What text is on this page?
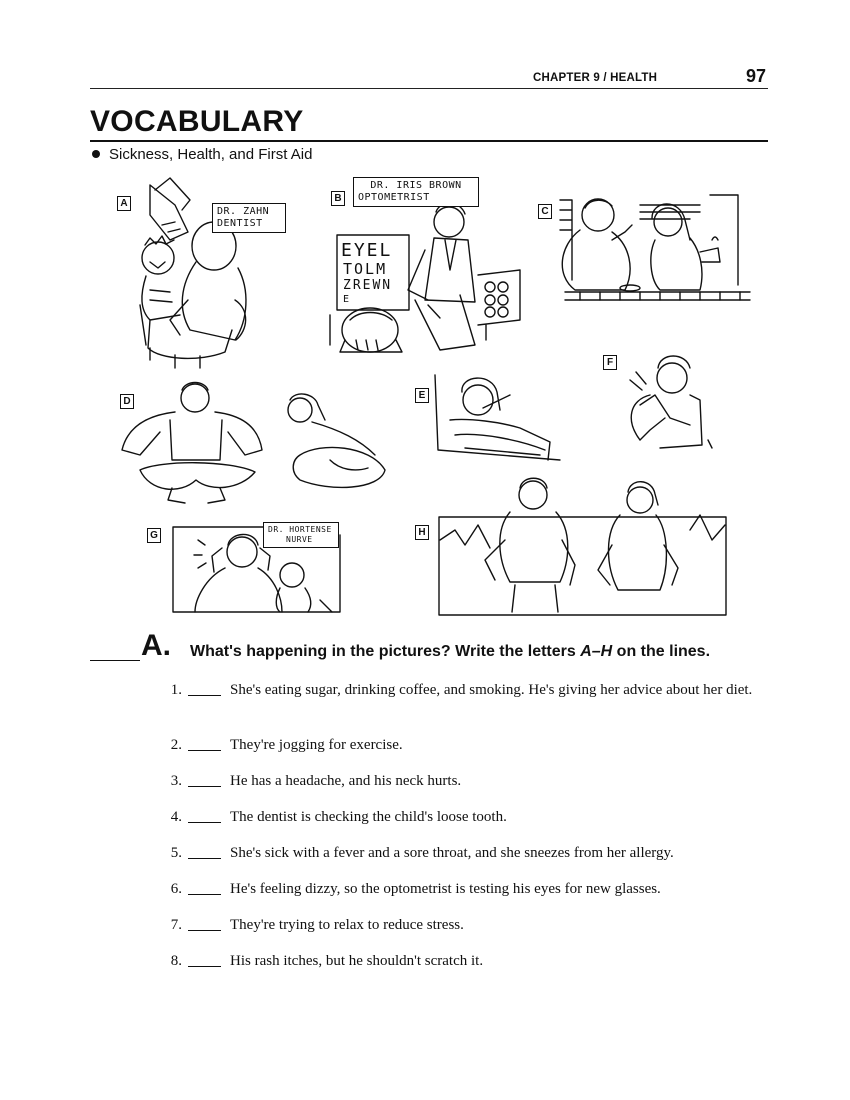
CHAPTER 9 / HEALTH	97
VOCABULARY
Sickness, Health, and First Aid
A	B
C
D
E
F
G	H
DR. ZAHN
DENTIST
DR. IRIS BROWN
OPTOMETRIST
DR. HORTENSE
NURVE
EYEL
TOLM
ZREWN
E
A. What's happening in the pictures? Write the letters A–H on the lines.
1.	She's eating sugar, drinking coffee, and smoking. He's giving her advice about her diet.
2.	They're jogging for exercise.
3.	He has a headache, and his neck hurts.
4.	The dentist is checking the child's loose tooth.
5.	She's sick with a fever and a sore throat, and she sneezes from her allergy.
6.	He's feeling dizzy, so the optometrist is testing his eyes for new glasses.
7.	They're trying to relax to reduce stress.
8.	His rash itches, but he shouldn't scratch it.
